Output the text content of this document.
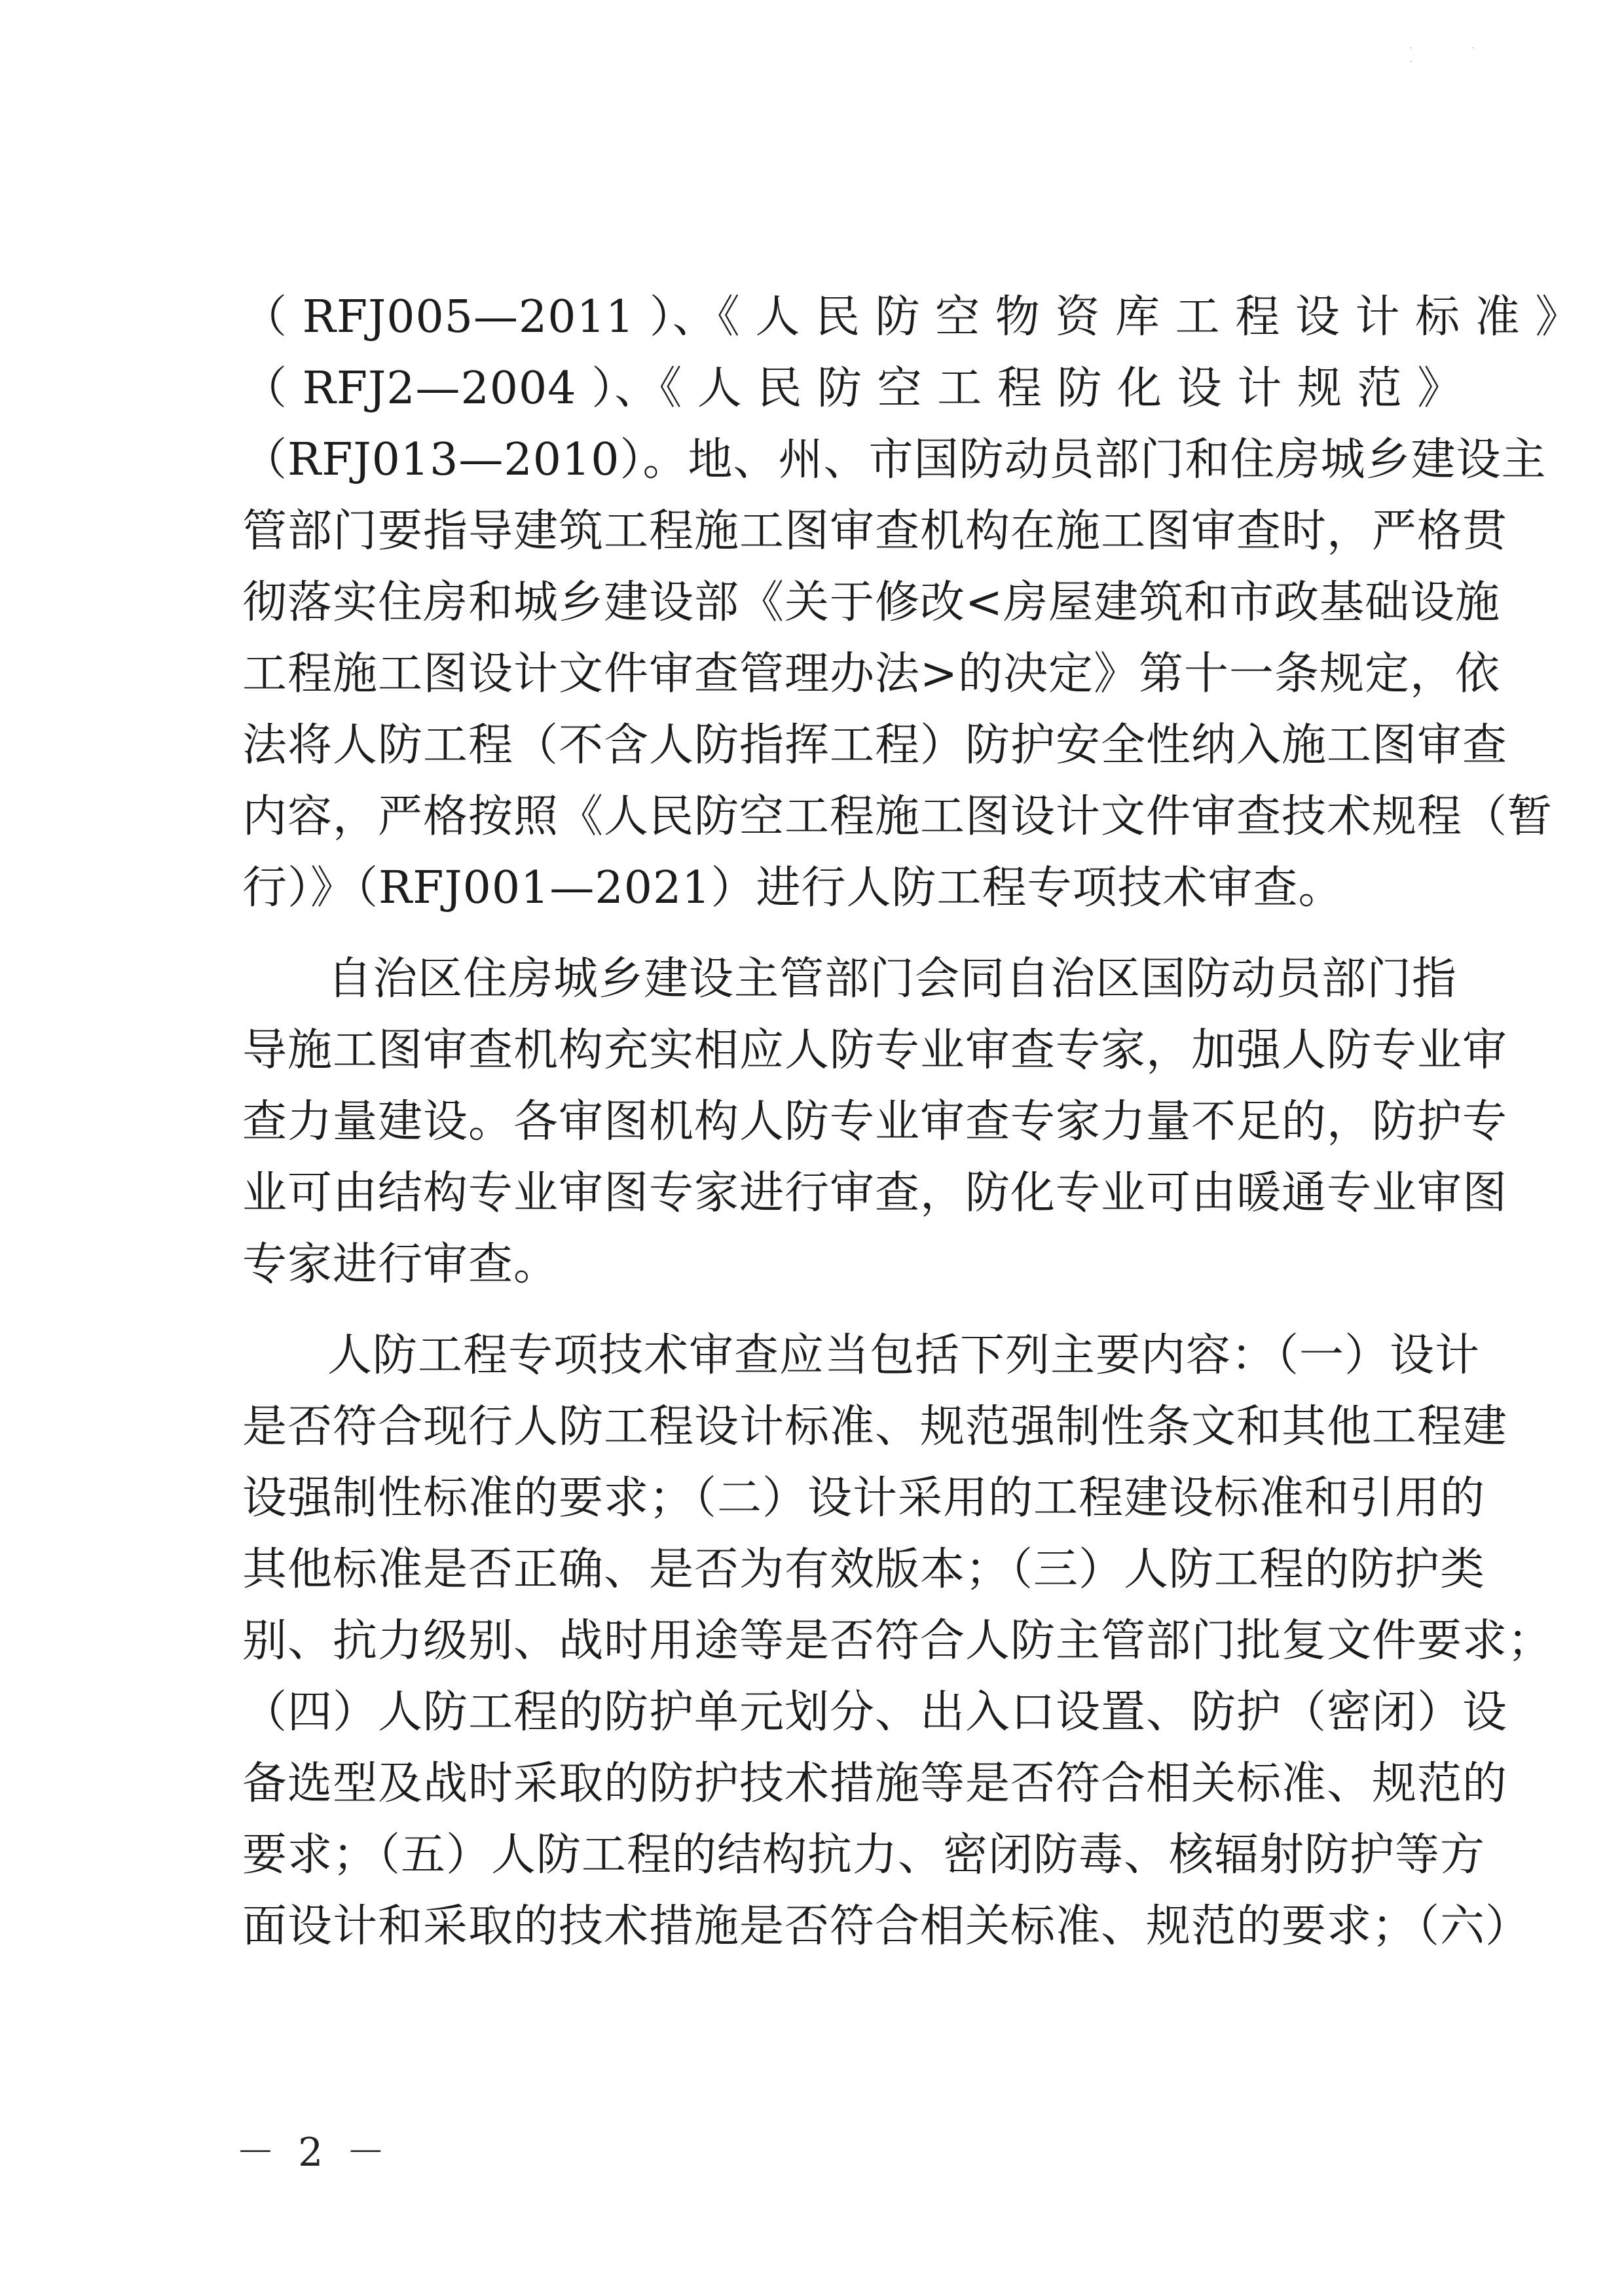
˙ ˙ ˙
（ RFJ005—2011 ）、《 人 民 防 空 物 资 库 工 程 设 计 标 准 》
（ RFJ2—2004 ）、《 人 民 防 空 工 程 防 化 设 计 规 范 》
（RFJ013—2010）。地、州、市国防动员部门和住房城乡建设主
管部门要指导建筑工程施工图审查机构在施工图审查时，严格贯
彻落实住房和城乡建设部《关于修改<房屋建筑和市政基础设施
工程施工图设计文件审查管理办法>的决定》第十一条规定，依
法将人防工程（不含人防指挥工程）防护安全性纳入施工图审查
内容，严格按照《人民防空工程施工图设计文件审查技术规程（暂
行）》（RFJ001—2021）进行人防工程专项技术审查。
自治区住房城乡建设主管部门会同自治区国防动员部门指
导施工图审查机构充实相应人防专业审查专家，加强人防专业审
查力量建设。各审图机构人防专业审查专家力量不足的，防护专
业可由结构专业审图专家进行审查，防化专业可由暖通专业审图
专家进行审查。
人防工程专项技术审查应当包括下列主要内容：（一）设计
是否符合现行人防工程设计标准、规范强制性条文和其他工程建
设强制性标准的要求；（二）设计采用的工程建设标准和引用的
其他标准是否正确、是否为有效版本；（三）人防工程的防护类
别、抗力级别、战时用途等是否符合人防主管部门批复文件要求；
（四）人防工程的防护单元划分、出入口设置、防护（密闭）设
备选型及战时采取的防护技术措施等是否符合相关标准、规范的
要求；（五）人防工程的结构抗力、密闭防毒、核辐射防护等方
面设计和采取的技术措施是否符合相关标准、规范的要求；（六）
－ 2 －
